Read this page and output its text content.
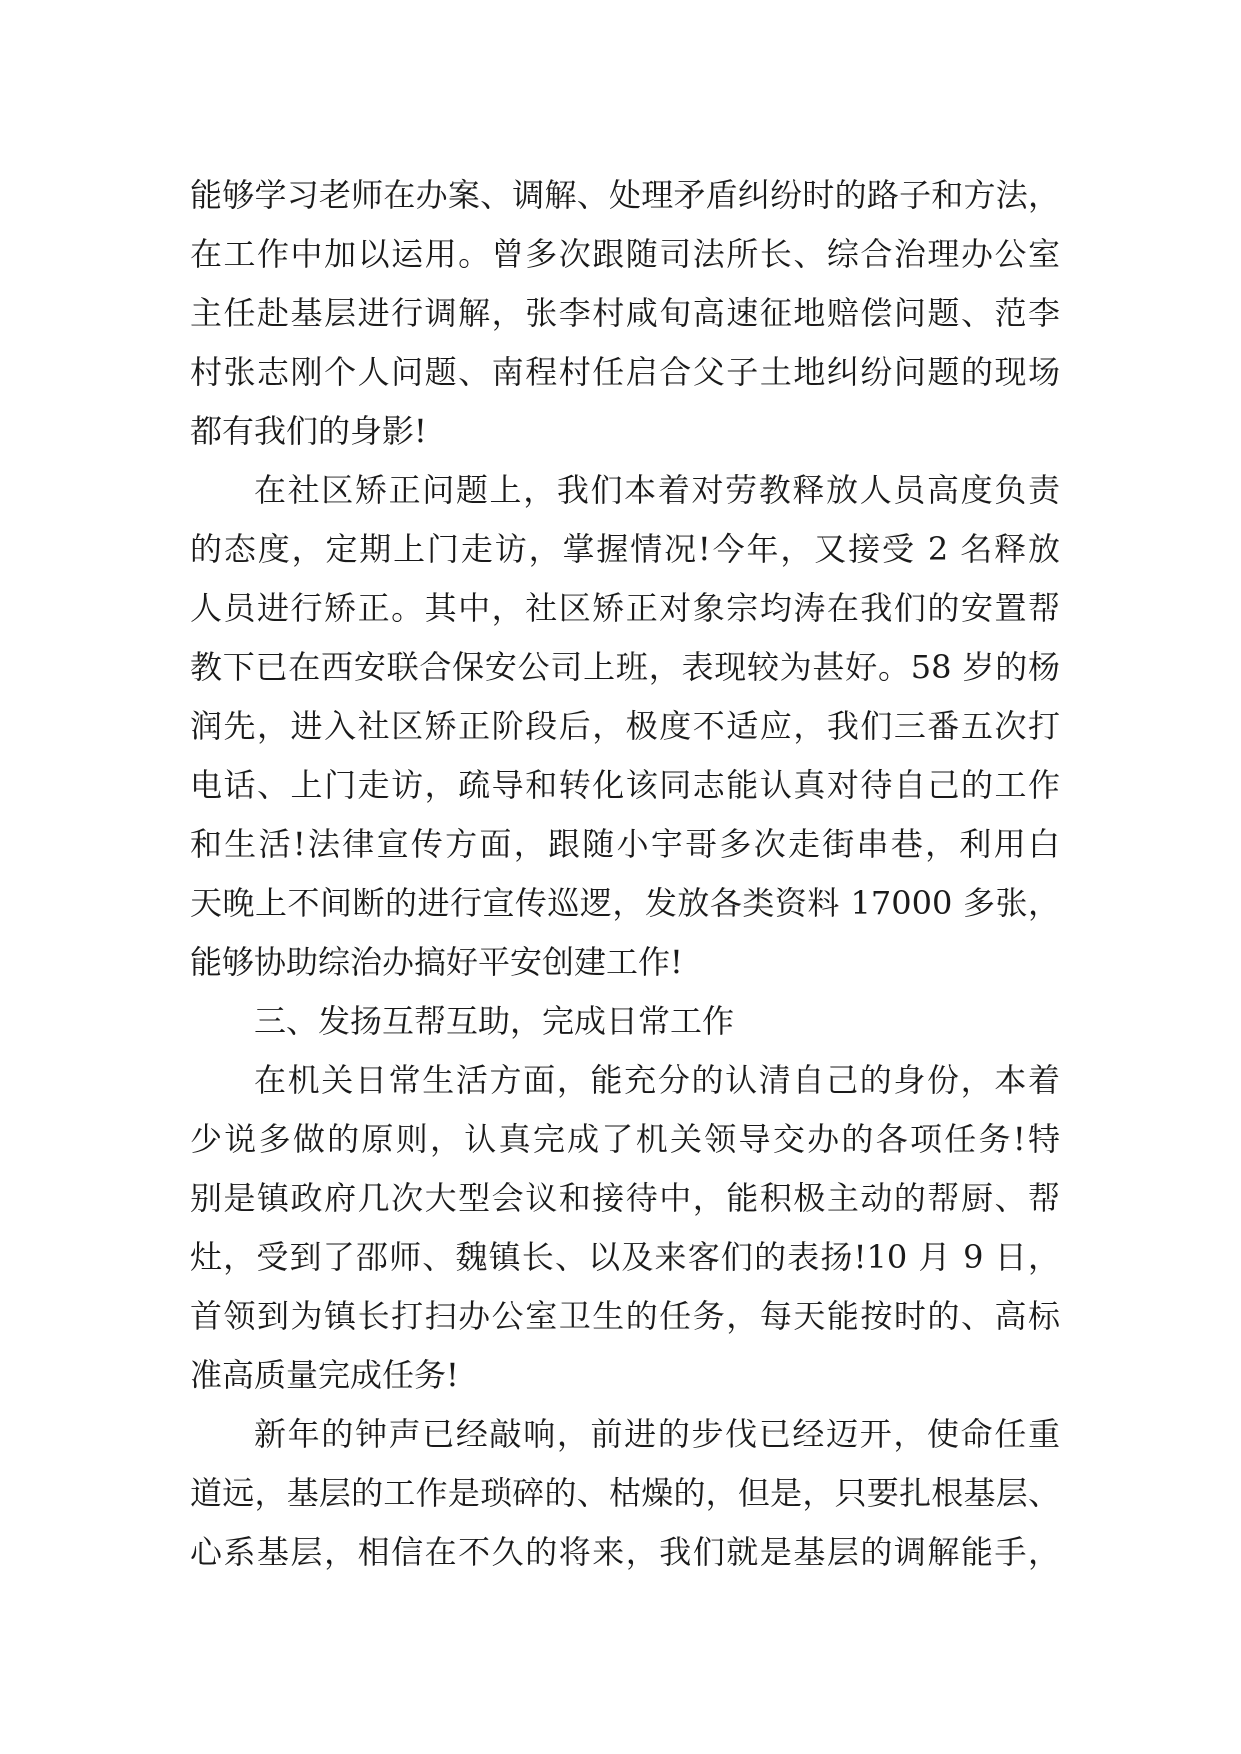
能够学习老师在办案、调解、处理矛盾纠纷时的路子和方法，
在工作中加以运用。曾多次跟随司法所长、综合治理办公室
主任赴基层进行调解，张李村咸旬高速征地赔偿问题、范李
村张志刚个人问题、南程村任启合父子土地纠纷问题的现场
都有我们的身影!
在社区矫正问题上，我们本着对劳教释放人员高度负责
的态度，定期上门走访，掌握情况!今年，又接受 2 名释放
人员进行矫正。其中，社区矫正对象宗均涛在我们的安置帮
教下已在西安联合保安公司上班，表现较为甚好。58 岁的杨
润先，进入社区矫正阶段后，极度不适应，我们三番五次打
电话、上门走访，疏导和转化该同志能认真对待自己的工作
和生活!法律宣传方面，跟随小宇哥多次走街串巷，利用白
天晚上不间断的进行宣传巡逻，发放各类资料 17000 多张，
能够协助综治办搞好平安创建工作!
三、发扬互帮互助，完成日常工作
在机关日常生活方面，能充分的认清自己的身份，本着
少说多做的原则，认真完成了机关领导交办的各项任务!特
别是镇政府几次大型会议和接待中，能积极主动的帮厨、帮
灶，受到了邵师、魏镇长、以及来客们的表扬!10 月 9 日，
首领到为镇长打扫办公室卫生的任务，每天能按时的、高标
准高质量完成任务!
新年的钟声已经敲响，前进的步伐已经迈开，使命任重
道远，基层的工作是琐碎的、枯燥的，但是，只要扎根基层、
心系基层，相信在不久的将来，我们就是基层的调解能手，
